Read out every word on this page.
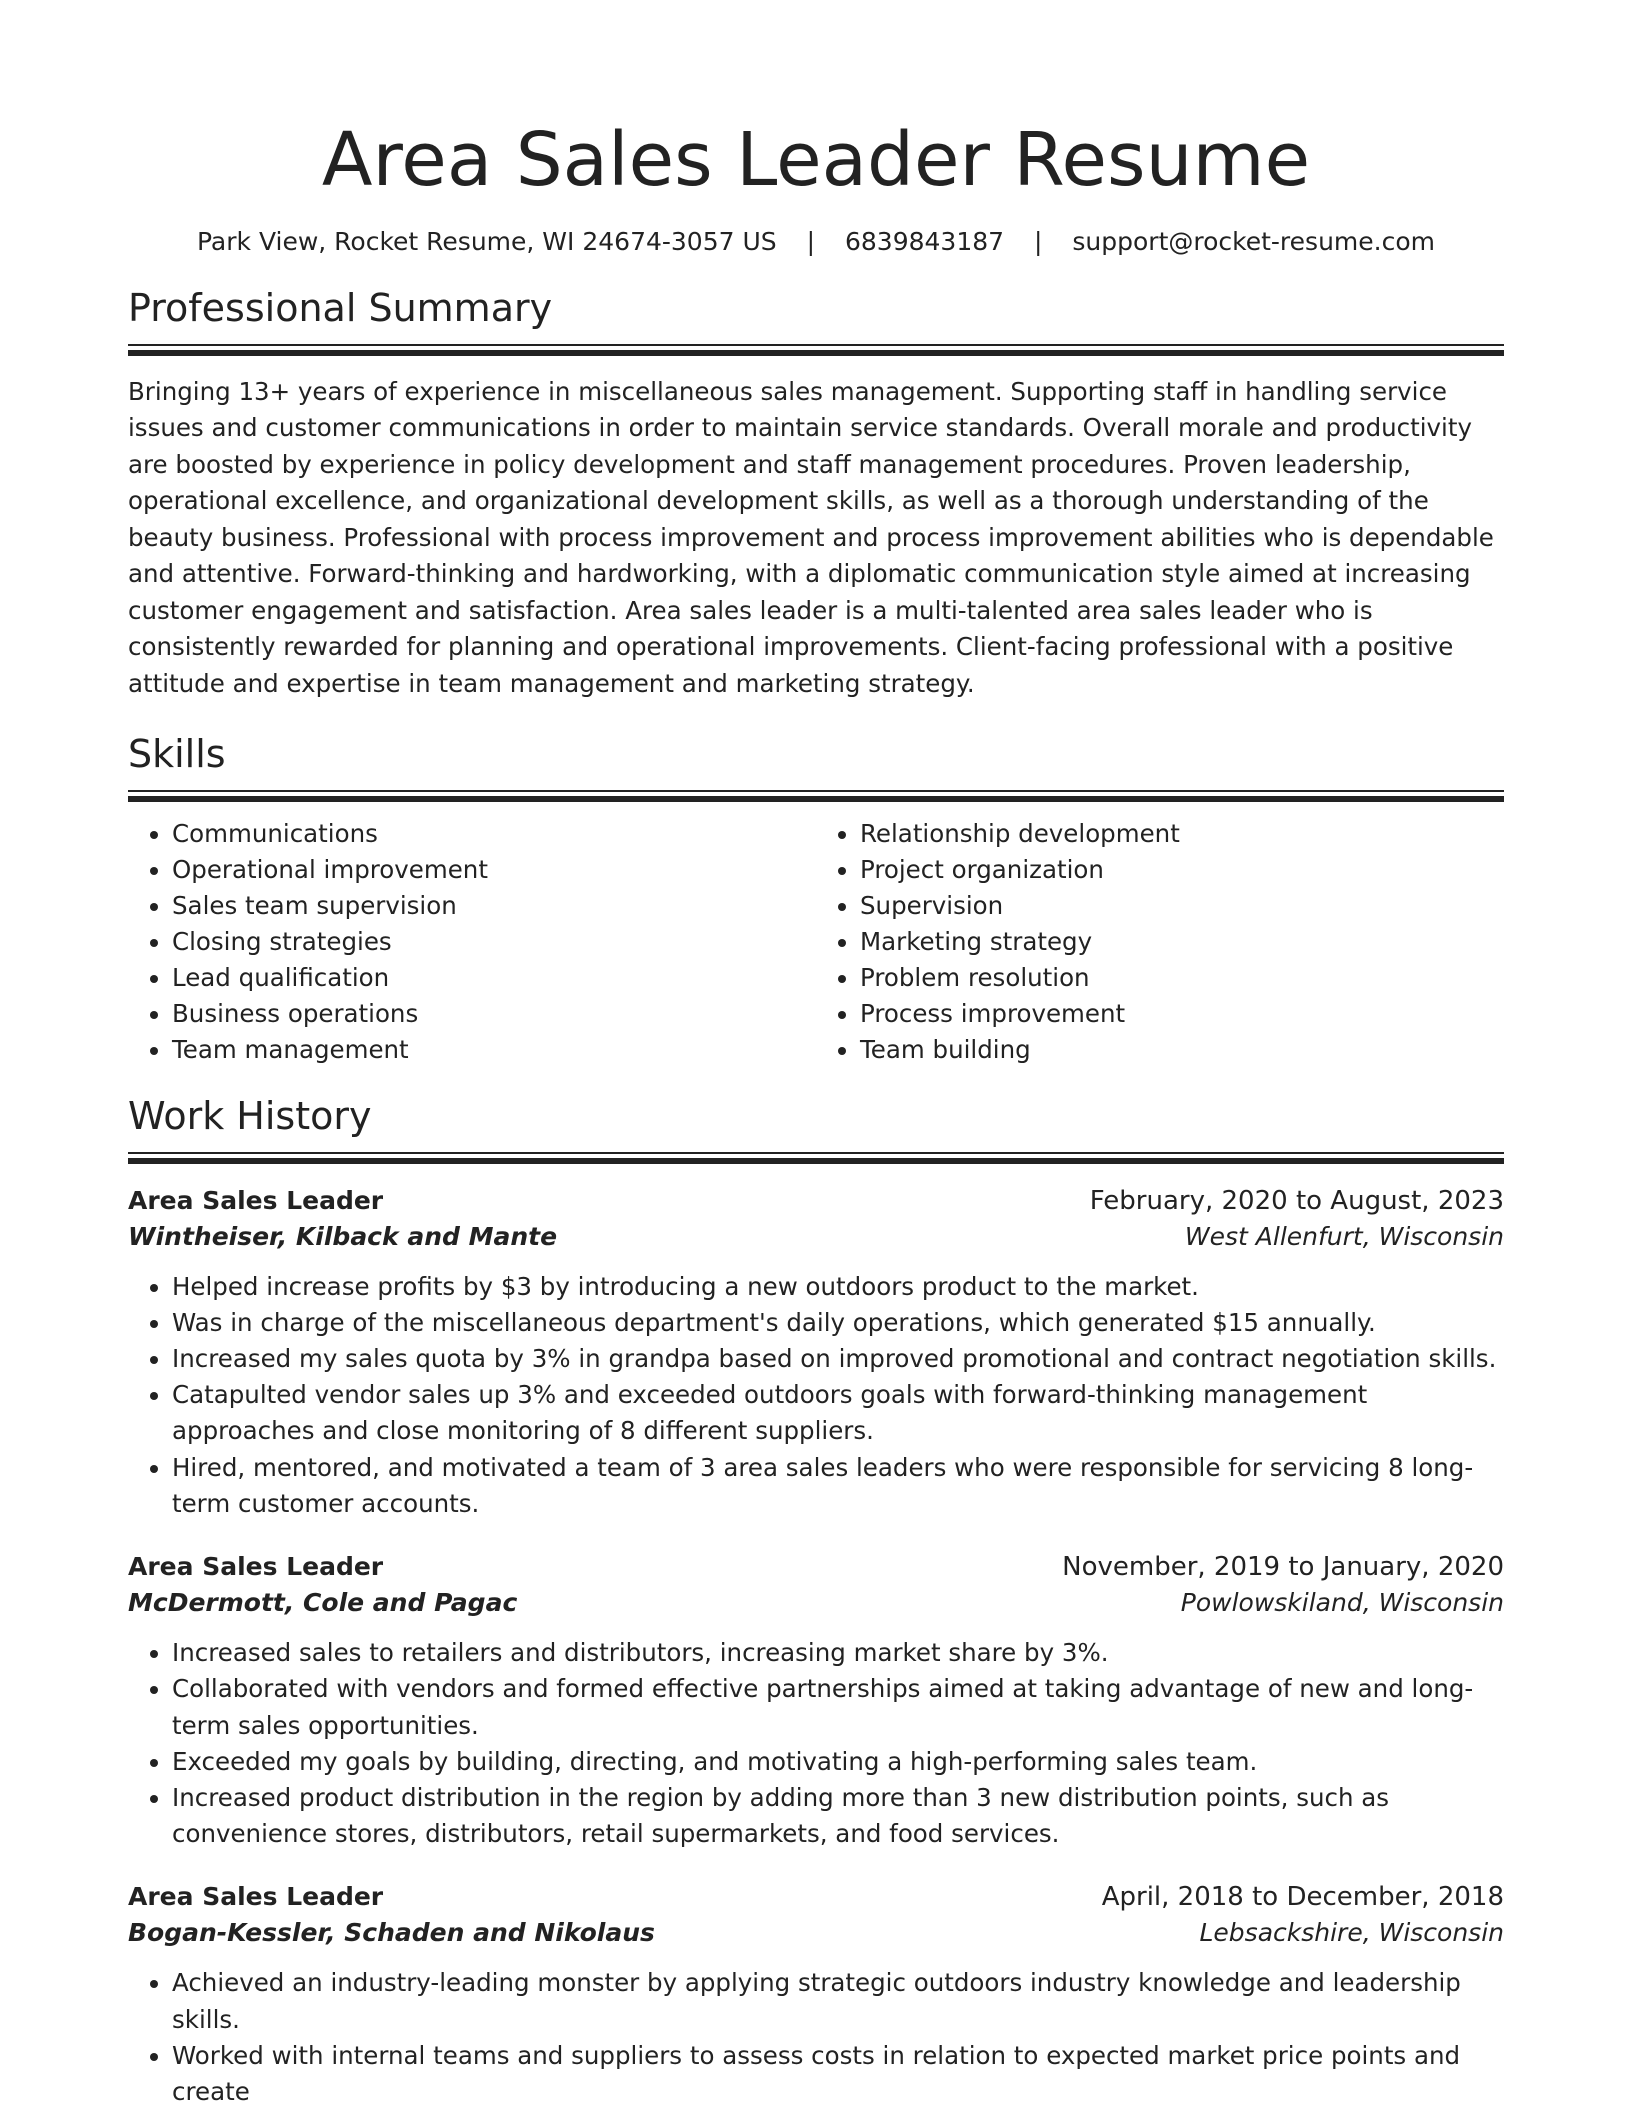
Area Sales Leader Resume
Park View, Rocket Resume, WI 24674-3057 US | 6839843187 | support@rocket-resume.com
Professional Summary

Bringing 13+ years of experience in miscellaneous sales management. Supporting staff in handling service issues and customer communications in order to maintain service standards. Overall morale and productivity are boosted by experience in policy development and staff management procedures. Proven leadership, operational excellence, and organizational development skills, as well as a thorough understanding of the beauty business. Professional with process improvement and process improvement abilities who is dependable and attentive. Forward-thinking and hardworking, with a diplomatic communication style aimed at increasing customer engagement and satisfaction. Area sales leader is a multi-talented area sales leader who is consistently rewarded for planning and operational improvements. Client-facing professional with a positive attitude and expertise in team management and marketing strategy.

Skills
• Communications
• Operational improvement
• Sales team supervision
• Closing strategies
• Lead qualification
• Business operations
• Team management
• Relationship development
• Project organization
• Supervision
• Marketing strategy
• Problem resolution
• Process improvement
• Team building
Work History
Area Sales Leader	February, 2020 to August, 2023
Wintheiser, Kilback and Mante	West Allenfurt, Wisconsin
• Helped increase profits by $3 by introducing a new outdoors product to the market.
• Was in charge of the miscellaneous department's daily operations, which generated $15 annually.
• Increased my sales quota by 3% in grandpa based on improved promotional and contract negotiation skills.
• Catapulted vendor sales up 3% and exceeded outdoors goals with forward-thinking management approaches and close monitoring of 8 different suppliers.
• Hired, mentored, and motivated a team of 3 area sales leaders who were responsible for servicing 8 long-term customer accounts.
Area Sales Leader	November, 2019 to January, 2020
McDermott, Cole and Pagac	Powlowskiland, Wisconsin
• Increased sales to retailers and distributors, increasing market share by 3%.
• Collaborated with vendors and formed effective partnerships aimed at taking advantage of new and long-term sales opportunities.
• Exceeded my goals by building, directing, and motivating a high-performing sales team.
• Increased product distribution in the region by adding more than 3 new distribution points, such as convenience stores, distributors, retail supermarkets, and food services.
Area Sales Leader	April, 2018 to December, 2018
Bogan-Kessler, Schaden and Nikolaus	Lebsackshire, Wisconsin
• Achieved an industry-leading monster by applying strategic outdoors industry knowledge and leadership skills.
• Worked with internal teams and suppliers to assess costs in relation to expected market price points and create
